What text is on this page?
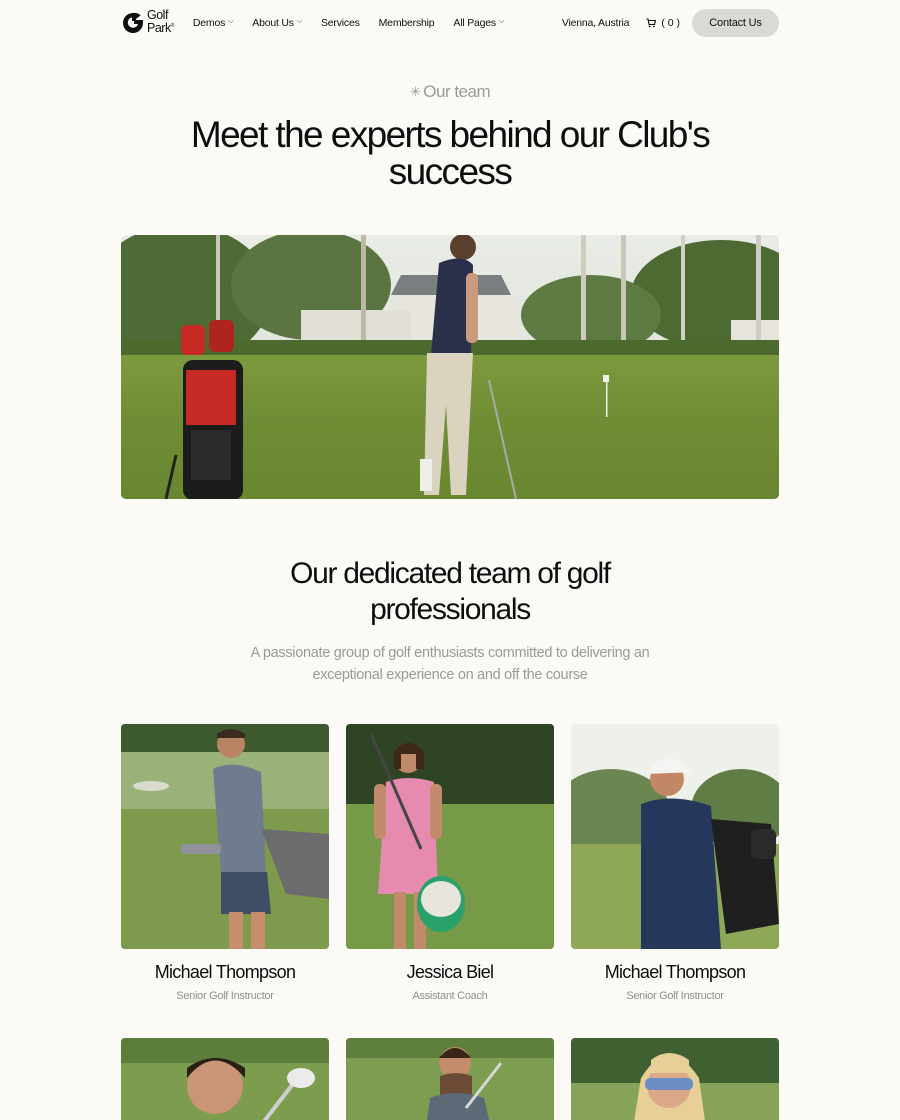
Golf
Park® Demos ⌵ About Us ⌵ Services Membership All Pages ⌵	Vienna, Austria	( 0 )	Contact Us
✳ Our team
Meet the experts behind our Club's success
Our dedicated team of golf professionals
A passionate group of golf enthusiasts committed to delivering an exceptional experience on and off the course
Michael Thompson
Senior Golf Instructor
Jessica Biel
Assistant Coach
Michael Thompson
Senior Golf Instructor
